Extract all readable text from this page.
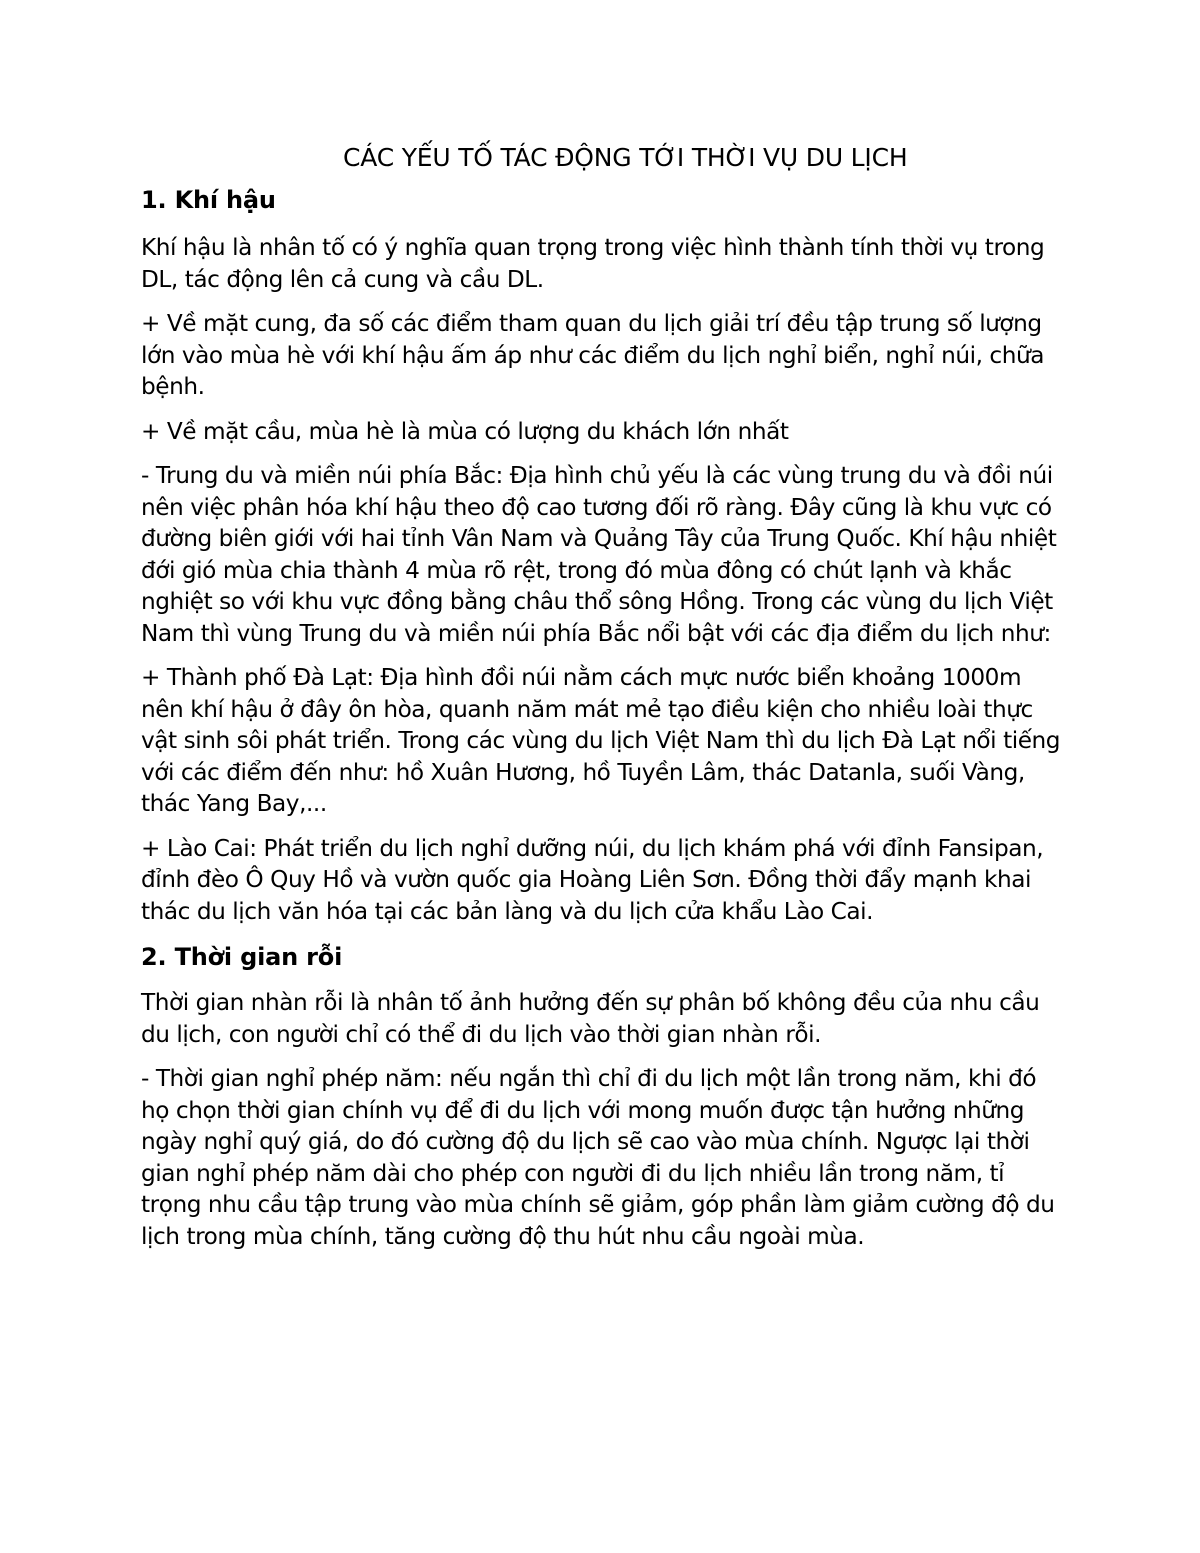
CÁC YẾU TỐ TÁC ĐỘNG TỚI THỜI VỤ DU LỊCH
1. Khí hậu

Khí hậu là nhân tố có ý nghĩa quan trọng trong việc hình thành tính thời vụ trong DL, tác động lên cả cung và cầu DL.

+ Về mặt cung, đa số các điểm tham quan du lịch giải trí đều tập trung số lượng lớn vào mùa hè với khí hậu ấm áp như các điểm du lịch nghỉ biển, nghỉ núi, chữa bệnh.

+ Về mặt cầu, mùa hè là mùa có lượng du khách lớn nhất

- Trung du và miền núi phía Bắc: Địa hình chủ yếu là các vùng trung du và đồi núi nên việc phân hóa khí hậu theo độ cao tương đối rõ ràng. Đây cũng là khu vực có đường biên giới với hai tỉnh Vân Nam và Quảng Tây của Trung Quốc. Khí hậu nhiệt đới gió mùa chia thành 4 mùa rõ rệt, trong đó mùa đông có chút lạnh và khắc nghiệt so với khu vực đồng bằng châu thổ sông Hồng. Trong các vùng du lịch Việt Nam thì vùng Trung du và miền núi phía Bắc nổi bật với các địa điểm du lịch như:

+ Thành phố Đà Lạt: Địa hình đồi núi nằm cách mực nước biển khoảng 1000m nên khí hậu ở đây ôn hòa, quanh năm mát mẻ tạo điều kiện cho nhiều loài thực vật sinh sôi phát triển. Trong các vùng du lịch Việt Nam thì du lịch Đà Lạt nổi tiếng với các điểm đến như: hồ Xuân Hương, hồ Tuyền Lâm, thác Datanla, suối Vàng, thác Yang Bay,...

+ Lào Cai: Phát triển du lịch nghỉ dưỡng núi, du lịch khám phá với đỉnh Fansipan, đỉnh đèo Ô Quy Hồ và vườn quốc gia Hoàng Liên Sơn. Đồng thời đẩy mạnh khai thác du lịch văn hóa tại các bản làng và du lịch cửa khẩu Lào Cai.

2. Thời gian rỗi

Thời gian nhàn rỗi là nhân tố ảnh hưởng đến sự phân bố không đều của nhu cầu du lịch, con người chỉ có thể đi du lịch vào thời gian nhàn rỗi.

- Thời gian nghỉ phép năm: nếu ngắn thì chỉ đi du lịch một lần trong năm, khi đó họ chọn thời gian chính vụ để đi du lịch với mong muốn được tận hưởng những ngày nghỉ quý giá, do đó cường độ du lịch sẽ cao vào mùa chính. Ngược lại thời gian nghỉ phép năm dài cho phép con người đi du lịch nhiều lần trong năm, tỉ trọng nhu cầu tập trung vào mùa chính sẽ giảm, góp phần làm giảm cường độ du lịch trong mùa chính, tăng cường độ thu hút nhu cầu ngoài mùa.
